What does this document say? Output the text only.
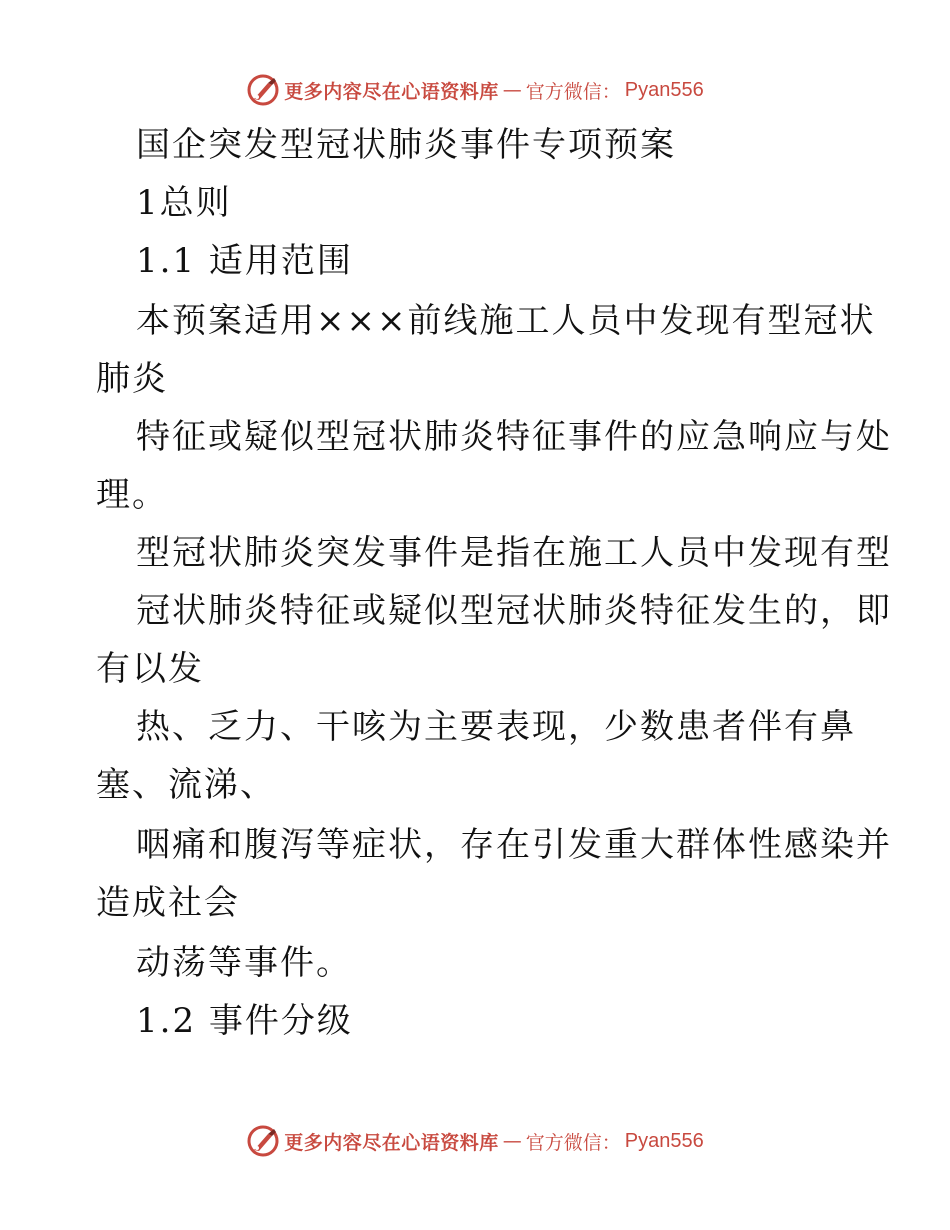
更多内容尽在心语资料库 — 官方微信： Pyan556
国企突发型冠状肺炎事件专项预案
1总则
1.1 适用范围
本预案适用×××前线施工人员中发现有型冠状
肺炎
特征或疑似型冠状肺炎特征事件的应急响应与处
理。
型冠状肺炎突发事件是指在施工人员中发现有型
冠状肺炎特征或疑似型冠状肺炎特征发生的，即
有以发
热、乏力、干咳为主要表现，少数患者伴有鼻
塞、流涕、
咽痛和腹泻等症状，存在引发重大群体性感染并
造成社会
动荡等事件。
1.2 事件分级
更多内容尽在心语资料库 — 官方微信： Pyan556
